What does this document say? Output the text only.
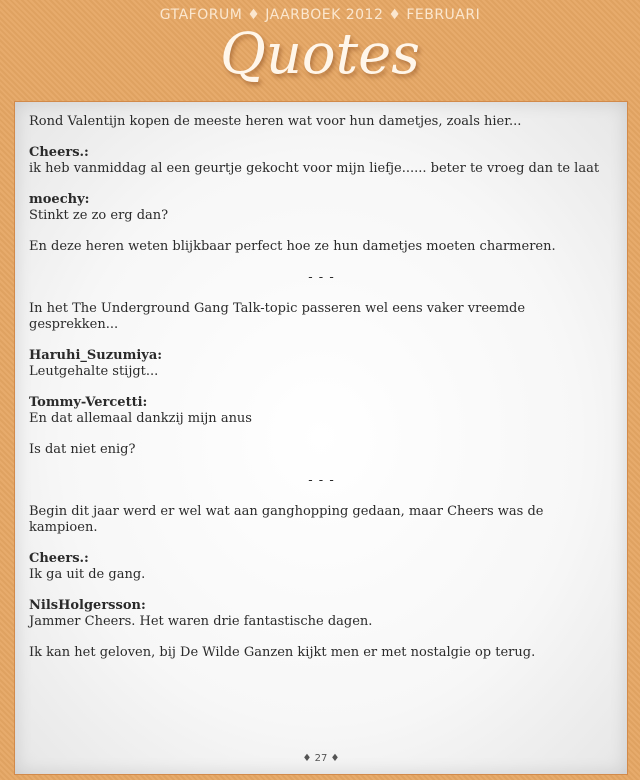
GTAFORUM ♦ JAARBOEK 2012 ♦ FEBRUARI
Quotes
Rond Valentijn kopen de meeste heren wat voor hun dametjes, zoals hier...
Cheers.:
ik heb vanmiddag al een geurtje gekocht voor mijn liefje...... beter te vroeg dan te laat
moechy:
Stinkt ze zo erg dan?
En deze heren weten blijkbaar perfect hoe ze hun dametjes moeten charmeren.
- - -
In het The Underground Gang Talk-topic passeren wel eens vaker vreemde gesprekken...
Haruhi_Suzumiya:
Leutgehalte stijgt...
Tommy-Vercetti:
En dat allemaal dankzij mijn anus
Is dat niet enig?
- - -
Begin dit jaar werd er wel wat aan ganghopping gedaan, maar Cheers was de kampioen.
Cheers.:
Ik ga uit de gang.
NilsHolgersson:
Jammer Cheers. Het waren drie fantastische dagen.
Ik kan het geloven, bij De Wilde Ganzen kijkt men er met nostalgie op terug.
♦ 27 ♦
